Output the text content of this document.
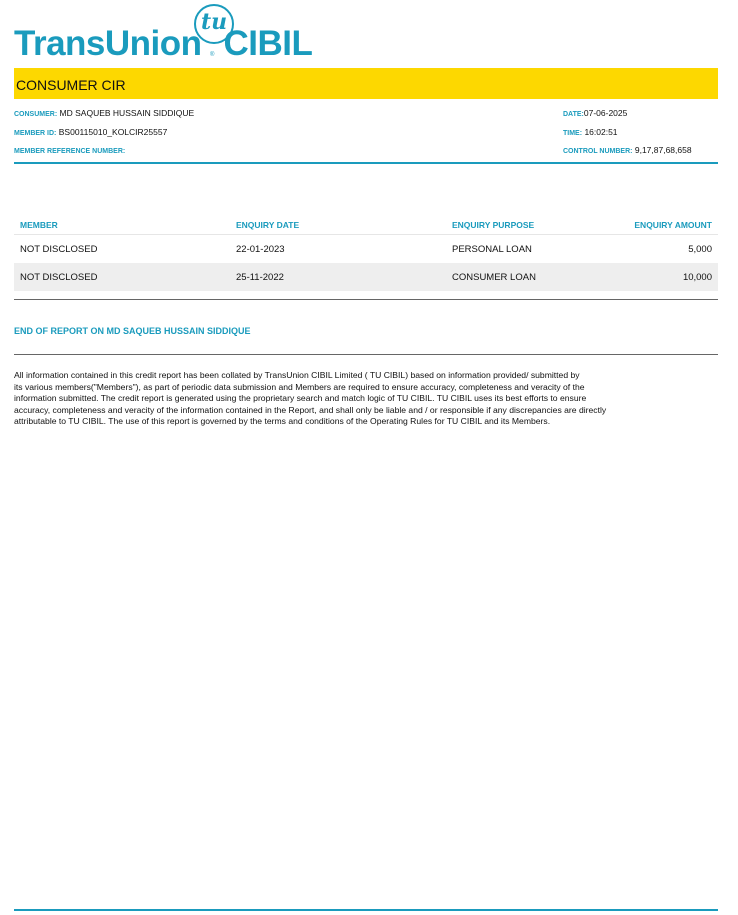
tu
TransUnion CIBIL
®
CONSUMER CIR
CONSUMER: MD SAQUEB HUSSAIN SIDDIQUE
MEMBER ID: BS00115010_KOLCIR25557
MEMBER REFERENCE NUMBER:
DATE:07-06-2025
TIME: 16:02:51
CONTROL NUMBER: 9,17,87,68,658
MEMBER	ENQUIRY DATE	ENQUIRY PURPOSE	ENQUIRY AMOUNT
NOT DISCLOSED	22-01-2023	PERSONAL LOAN	5,000
NOT DISCLOSED	25-11-2022	CONSUMER LOAN	10,000
END OF REPORT ON MD SAQUEB HUSSAIN SIDDIQUE
All information contained in this credit report has been collated by TransUnion CIBIL Limited ( TU CIBIL) based on information provided/ submitted by
its various members("Members"), as part of periodic data submission and Members are required to ensure accuracy, completeness and veracity of the
information submitted. The credit report is generated using the proprietary search and match logic of TU CIBIL. TU CIBIL uses its best efforts to ensure
accuracy, completeness and veracity of the information contained in the Report, and shall only be liable and / or responsible if any discrepancies are directly
attributable to TU CIBIL. The use of this report is governed by the terms and conditions of the Operating Rules for TU CIBIL and its Members.
